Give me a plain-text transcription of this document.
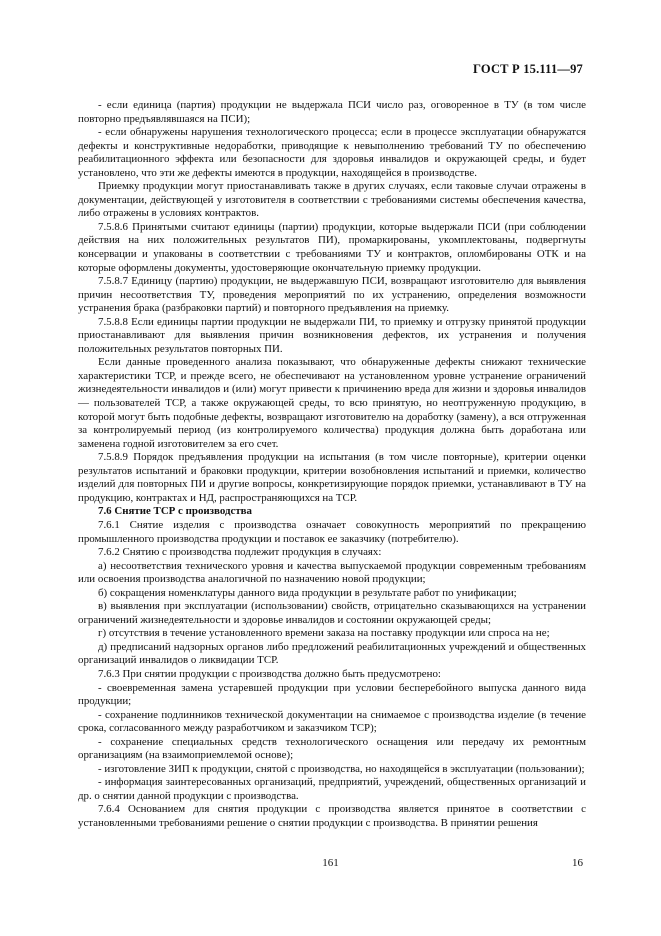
ГОСТ Р 15.111—97

- если единица (партия) продукции не выдержала ПСИ число раз, оговоренное в ТУ (в том числе повторно предъявлявшаяся на ПСИ);

- если обнаружены нарушения технологического процесса; если в процессе эксплуатации обнаружатся дефекты и конструктивные недоработки, приводящие к невыполнению требований ТУ по обеспечению реабилитационного эффекта или безопасности для здоровья инвалидов и окружающей среды, и будет установлено, что эти же дефекты имеются в продукции, находящейся в производстве.

Приемку продукции могут приостанавливать также в других случаях, если таковые случаи отражены в документации, действующей у изготовителя в соответствии с требованиями системы обеспечения качества, либо отражены в условиях контрактов.

7.5.8.6 Принятыми считают единицы (партии) продукции, которые выдержали ПСИ (при соблюдении действия на них положительных результатов ПИ), промаркированы, укомплектованы, подвергнуты консервации и упакованы в соответствии с требованиями ТУ и контрактов, опломбированы ОТК и на которые оформлены документы, удостоверяющие окончательную приемку продукции.

7.5.8.7 Единицу (партию) продукции, не выдержавшую ПСИ, возвращают изготовителю для выявления причин несоответствия ТУ, проведения мероприятий по их устранению, определения возможности устранения брака (разбраковки партий) и повторного предъявления на приемку.

7.5.8.8 Если единицы партии продукции не выдержали ПИ, то приемку и отгрузку принятой продукции приостанавливают для выявления причин возникновения дефектов, их устранения и получения положительных результатов повторных ПИ.

Если данные проведенного анализа показывают, что обнаруженные дефекты снижают технические характеристики ТСР, и прежде всего, не обеспечивают на установленном уровне устранение ограничений жизнедеятельности инвалидов и (или) могут привести к причинению вреда для жизни и здоровья инвалидов — пользователей ТСР, а также окружающей среды, то всю принятую, но неотгруженную продукцию, в которой могут быть подобные дефекты, возвращают изготовителю на доработку (замену), а вся отгруженная за контролируемый период (из контролируемого количества) продукция должна быть доработана или заменена годной изготовителем за его счет.

7.5.8.9 Порядок предъявления продукции на испытания (в том числе повторные), критерии оценки результатов испытаний и браковки продукции, критерии возобновления испытаний и приемки, количество изделий для повторных ПИ и другие вопросы, конкретизирующие порядок приемки, устанавливают в ТУ на продукцию, контрактах и НД, распространяющихся на ТСР.

7.6 Снятие ТСР с производства

7.6.1 Снятие изделия с производства означает совокупность мероприятий по прекращению промышленного производства продукции и поставок ее заказчику (потребителю).

7.6.2 Снятию с производства подлежит продукция в случаях:

а) несоответствия технического уровня и качества выпускаемой продукции современным требованиям или освоения производства аналогичной по назначению новой продукции;

б) сокращения номенклатуры данного вида продукции в результате работ по унификации;

в) выявления при эксплуатации (использовании) свойств, отрицательно сказывающихся на устранении ограничений жизнедеятельности и здоровье инвалидов и состоянии окружающей среды;

г) отсутствия в течение установленного времени заказа на поставку продукции или спроса на не;

д) предписаний надзорных органов либо предложений реабилитационных учреждений и общественных организаций инвалидов о ликвидации ТСР.

7.6.3 При снятии продукции с производства должно быть предусмотрено:

- своевременная замена устаревшей продукции при условии бесперебойного выпуска данного вида продукции;

- сохранение подлинников технической документации на снимаемое с производства изделие (в течение срока, согласованного между разработчиком и заказчиком ТСР);

- сохранение специальных средств технологического оснащения или передачу их ремонтным организациям (на взаимоприемлемой основе);

- изготовление ЗИП к продукции, снятой с производства, но находящейся в эксплуатации (пользовании);

- информация заинтересованных организаций, предприятий, учреждений, общественных организаций и др. о снятии данной продукции с производства.

7.6.4 Основанием для снятия продукции с производства является принятое в соответствии с установленными требованиями решение о снятии продукции с производства. В принятии решения

161	16
